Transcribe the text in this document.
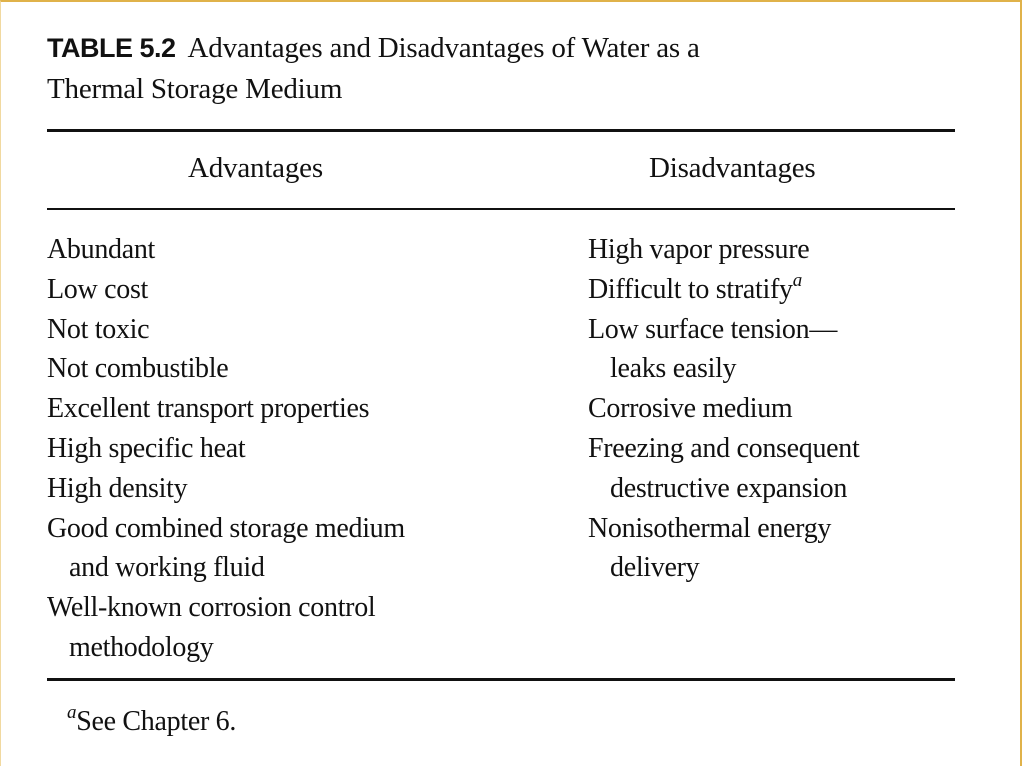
TABLE 5.2 Advantages and Disadvantages of Water as a
Thermal Storage Medium
Advantages	Disadvantages
Abundant
Low cost
Not toxic
Not combustible
Excellent transport properties
High specific heat
High density
Good combined storage medium
and working fluid
Well-known corrosion control
methodology
High vapor pressure
Difficult to stratify$^a$
Low surface tension—
leaks easily
Corrosive medium
Freezing and consequent
destructive expansion
Nonisothermal energy
delivery
$^a$See Chapter 6.
